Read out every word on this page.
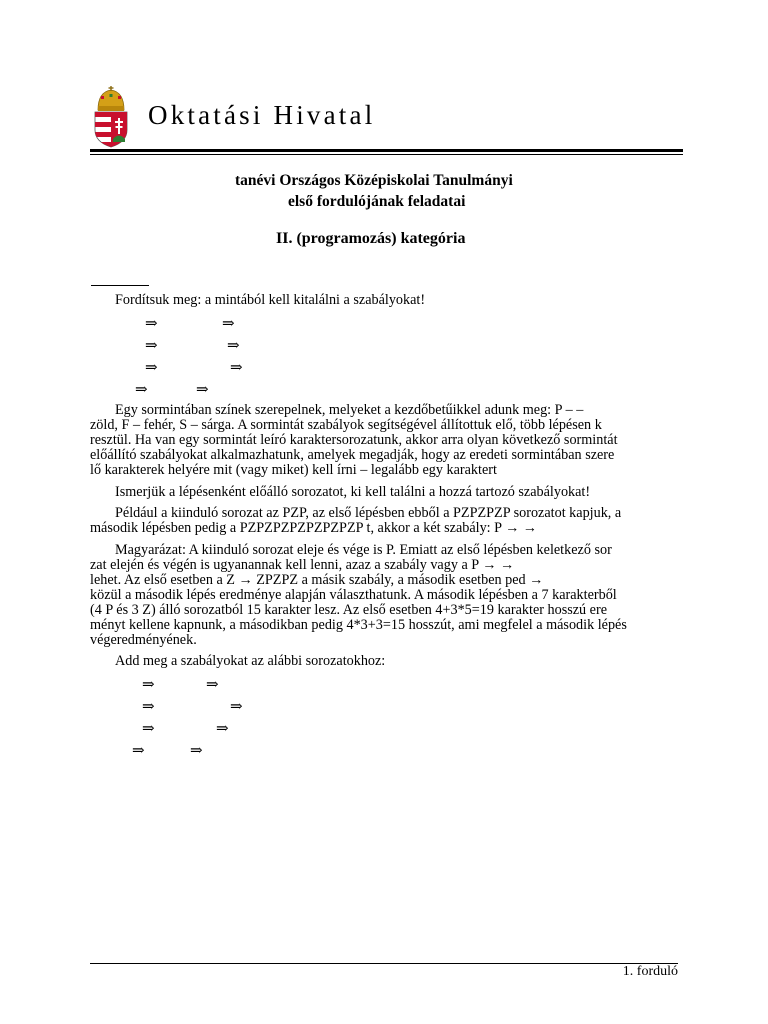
Oktatási Hivatal
tanévi Országos Középiskolai Tanulmányi
első fordulójának feladatai
II. (programozás) kategória
Fordítsuk meg: a mintából kell kitalálni a szabályokat!
⇒	⇒
⇒	⇒
⇒	⇒
⇒	⇒
Egy sormintában színek szerepelnek, melyeket a kezdőbetűikkel adunk meg: P – –
zöld, F – fehér, S – sárga. A sormintát szabályok segítségével állítottuk elő, több lépésen k
resztül. Ha van egy sormintát leíró karaktersorozatunk, akkor arra olyan következő sormintát
előállító szabályokat alkalmazhatunk, amelyek megadják, hogy az eredeti sormintában szere
lő karakterek helyére mit (vagy miket) kell írni – legalább egy karaktert
Ismerjük a lépésenként előálló sorozatot, ki kell találni a hozzá tartozó szabályokat!
Például a kiinduló sorozat az PZP, az első lépésben ebből a PZPZPZP sorozatot kapjuk, a
második lépésben pedig a PZPZPZPZPZPZPZP t, akkor a két szabály: P → →
Magyarázat: A kiinduló sorozat eleje és vége is P. Emiatt az első lépésben keletkező sor
zat elején és végén is ugyanannak kell lenni, azaz a szabály vagy a P → →
lehet. Az első esetben a Z → ZPZPZ a másik szabály, a második esetben ped →
közül a második lépés eredménye alapján választhatunk. A második lépésben a 7 karakterből
(4 P és 3 Z) álló sorozatból 15 karakter lesz. Az első esetben 4+3*5=19 karakter hosszú ere
ményt kellene kapnunk, a másodikban pedig 4*3+3=15 hosszút, ami megfelel a második lépés
végeredményének.
Add meg a szabályokat az alábbi sorozatokhoz:
⇒	⇒
⇒	⇒
⇒	⇒
⇒	⇒
1. forduló
